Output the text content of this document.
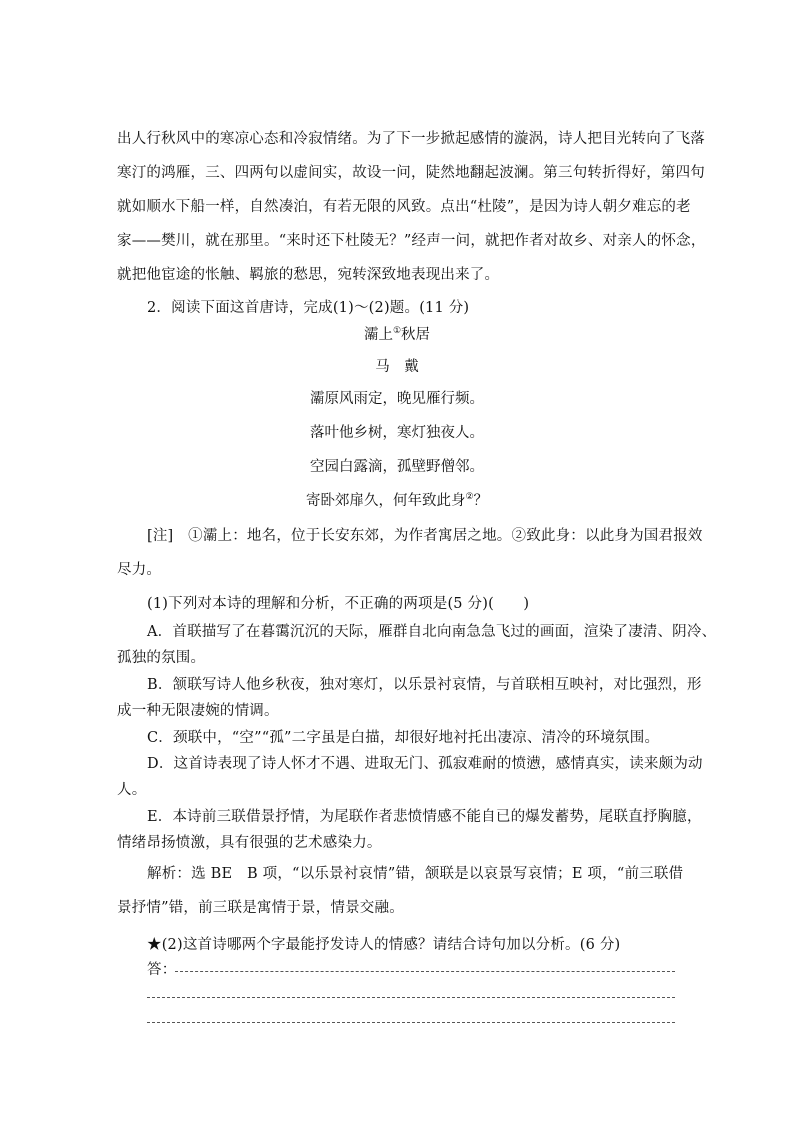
出人行秋风中的寒凉心态和冷寂情绪。为了下一步掀起感情的漩涡，诗人把目光转向了飞落
寒汀的鸿雁，三、四两句以虚间实，故设一问，陡然地翻起波澜。第三句转折得好，第四句
就如顺水下船一样，自然凑泊，有若无限的风致。点出“杜陵”，是因为诗人朝夕难忘的老
家——樊川，就在那里。“来时还下杜陵无？”经声一问，就把作者对故乡、对亲人的怀念，
就把他宦途的怅触、羁旅的愁思，宛转深致地表现出来了。
2．阅读下面这首唐诗，完成(1)～(2)题。(11 分)
灞上①秋居
马　戴
灞原风雨定，晚见雁行频。
落叶他乡树，寒灯独夜人。
空园白露滴，孤壁野僧邻。
寄卧郊扉久，何年致此身②？
[注]　①灞上：地名，位于长安东郊，为作者寓居之地。②致此身：以此身为国君报效
尽力。
(1)下列对本诗的理解和分析，不正确的两项是(5 分)(　　)
A．首联描写了在暮霭沉沉的天际，雁群自北向南急急飞过的画面，渲染了凄清、阴冷、
孤独的氛围。
B．颔联写诗人他乡秋夜，独对寒灯，以乐景衬哀情，与首联相互映衬，对比强烈，形
成一种无限凄婉的情调。
C．颈联中，“空”“孤”二字虽是白描，却很好地衬托出凄凉、清冷的环境氛围。
D．这首诗表现了诗人怀才不遇、进取无门、孤寂难耐的愤懑，感情真实，读来颇为动
人。
E．本诗前三联借景抒情，为尾联作者悲愤情感不能自已的爆发蓄势，尾联直抒胸臆，
情绪昂扬愤激，具有很强的艺术感染力。
解析：选 BE　B 项，“以乐景衬哀情”错，颔联是以哀景写哀情；E 项，“前三联借
景抒情”错，前三联是寓情于景，情景交融。
★(2)这首诗哪两个字最能抒发诗人的情感？请结合诗句加以分析。(6 分)
答：
